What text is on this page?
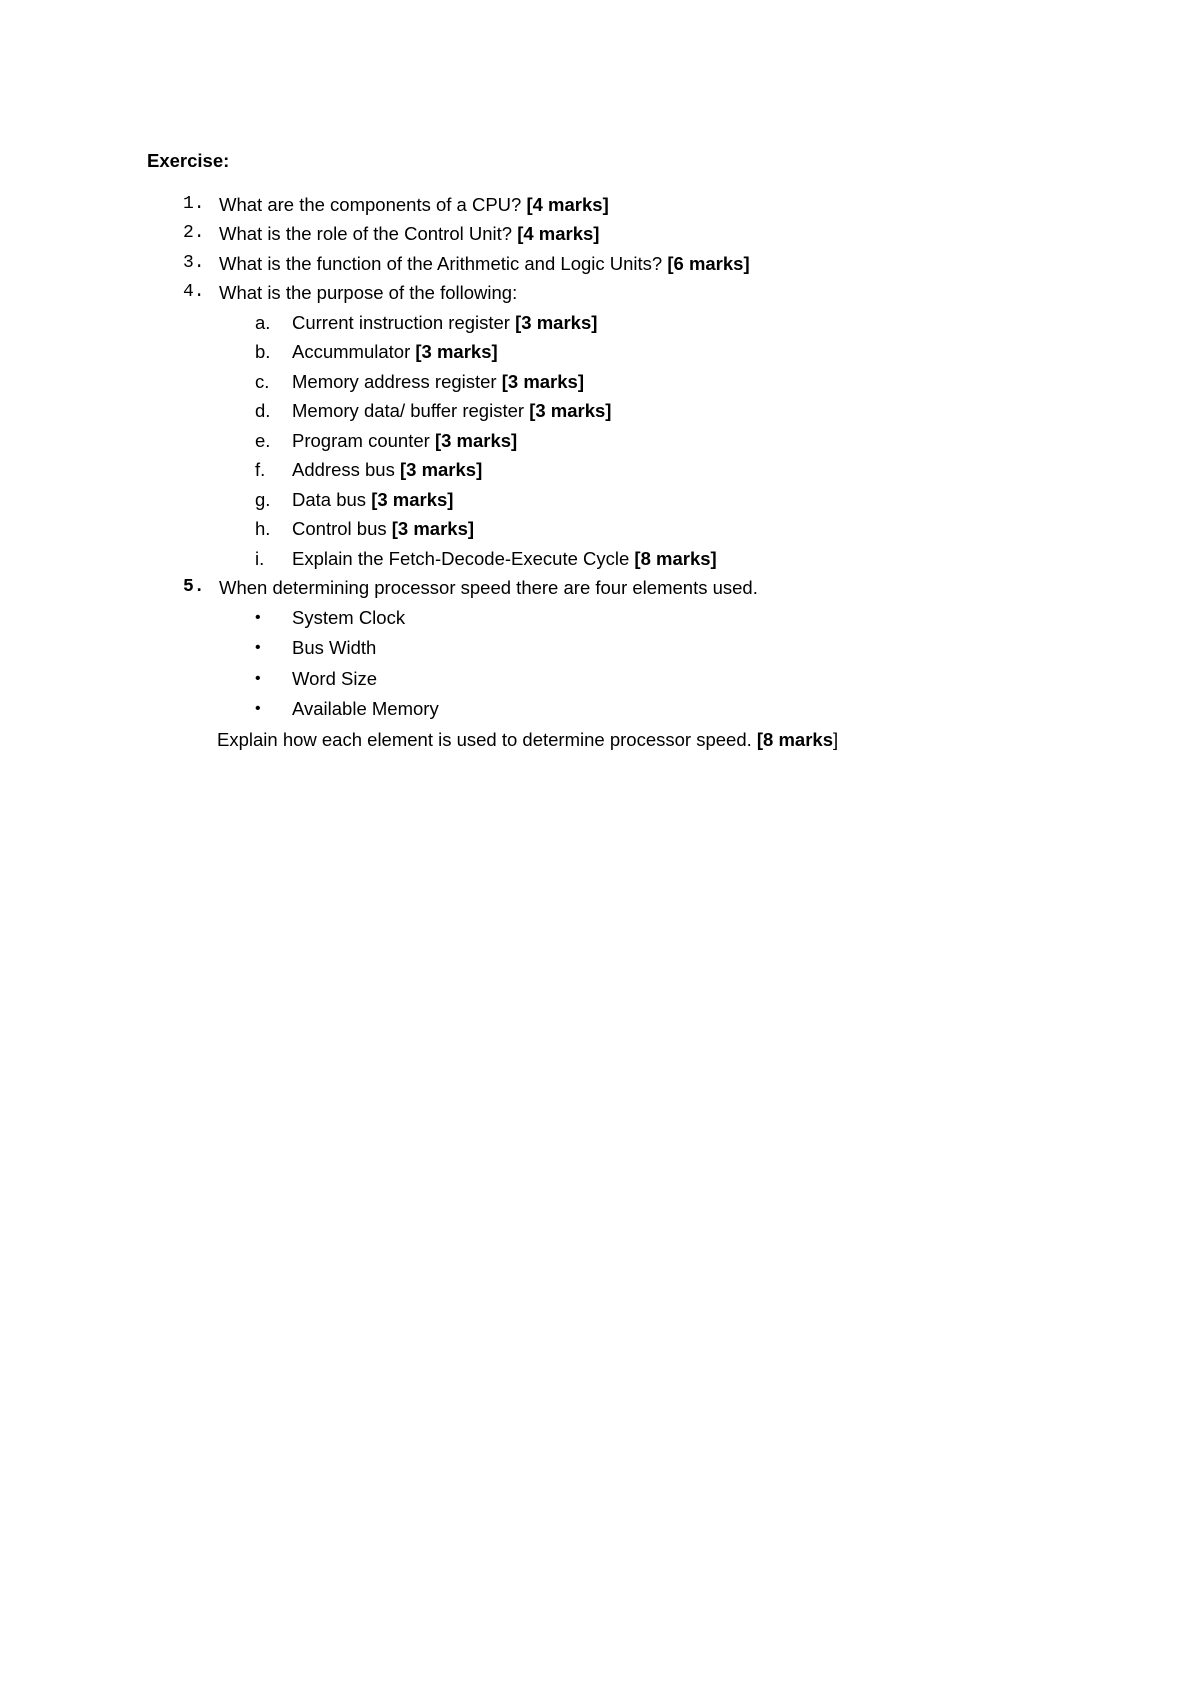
Exercise:
1. What are the components of a CPU? [4 marks]
2. What is the role of the Control Unit? [4 marks]
3. What is the function of the Arithmetic and Logic Units? [6 marks]
4. What is the purpose of the following:
a. Current instruction register [3 marks]
b. Accummulator [3 marks]
c. Memory address register [3 marks]
d. Memory data/ buffer register [3 marks]
e. Program counter [3 marks]
f. Address bus [3 marks]
g. Data bus [3 marks]
h. Control bus [3 marks]
i. Explain the Fetch-Decode-Execute Cycle [8 marks]
5. When determining processor speed there are four elements used.
• System Clock
• Bus Width
• Word Size
• Available Memory
Explain how each element is used to determine processor speed. [8 marks]
